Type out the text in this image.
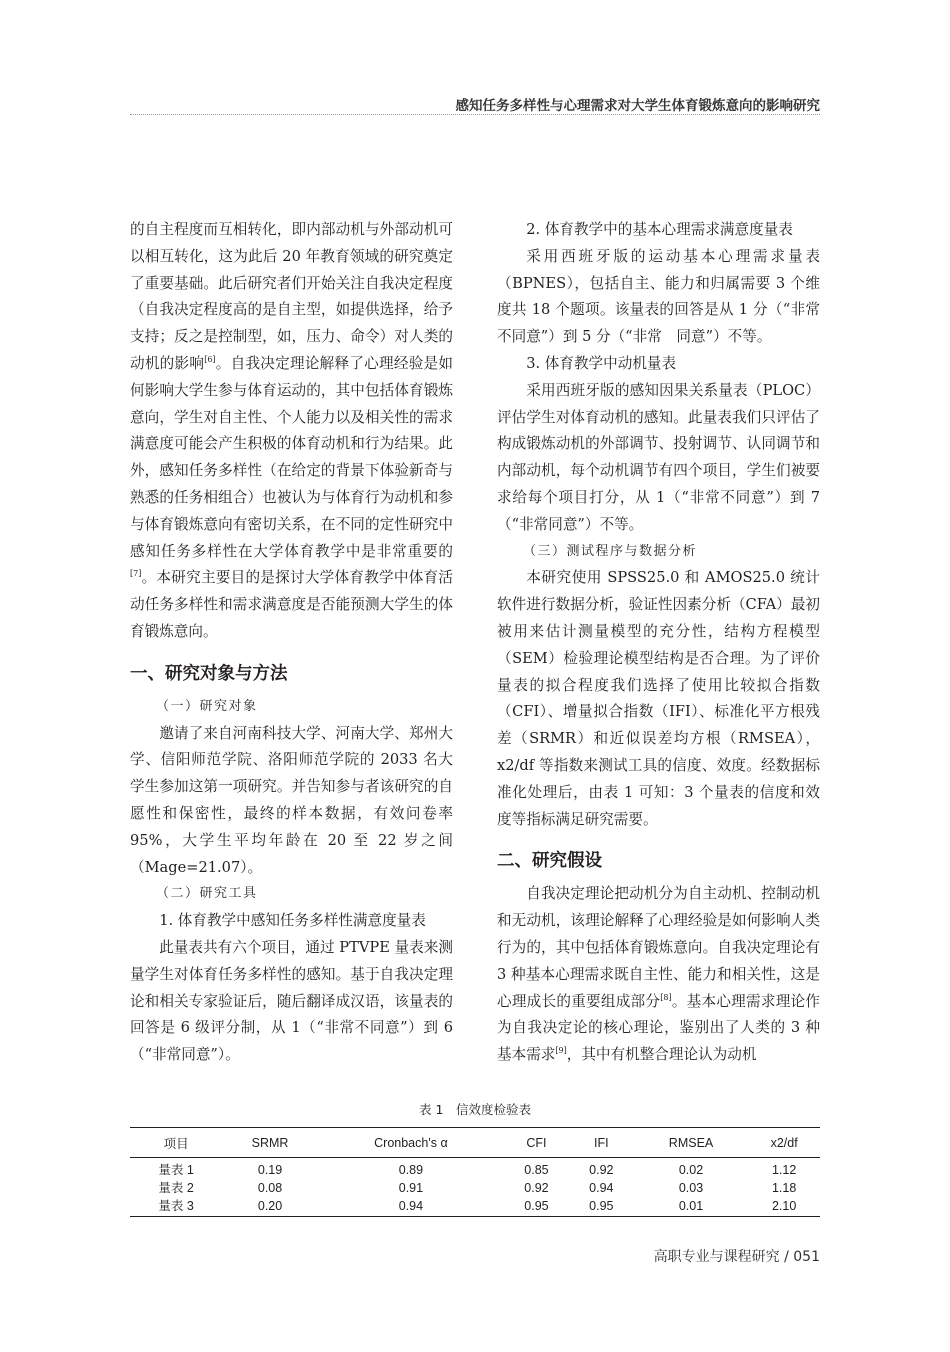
感知任务多样性与心理需求对大学生体育锻炼意向的影响研究

的自主程度而互相转化，即内部动机与外部动机可以相互转化，这为此后 20 年教育领域的研究奠定了重要基础。此后研究者们开始关注自我决定程度（自我决定程度高的是自主型，如提供选择，给予支持；反之是控制型，如，压力、命令）对人类的动机的影响[6]。自我决定理论解释了心理经验是如何影响大学生参与体育运动的，其中包括体育锻炼意向，学生对自主性、个人能力以及相关性的需求满意度可能会产生积极的体育动机和行为结果。此外，感知任务多样性（在给定的背景下体验新奇与熟悉的任务相组合）也被认为与体育行为动机和参与体育锻炼意向有密切关系，在不同的定性研究中感知任务多样性在大学体育教学中是非常重要的[7]。本研究主要目的是探讨大学体育教学中体育活动任务多样性和需求满意度是否能预测大学生的体育锻炼意向。

一、研究对象与方法
（一）研究对象

邀请了来自河南科技大学、河南大学、郑州大学、信阳师范学院、洛阳师范学院的 2033 名大学生参加这第一项研究。并告知参与者该研究的自愿性和保密性，最终的样本数据，有效问卷率 95%，大学生平均年龄在 20 至 22 岁之间（Mage=21.07）。

（二）研究工具
1. 体育教学中感知任务多样性满意度量表

此量表共有六个项目，通过 PTVPE 量表来测量学生对体育任务多样性的感知。基于自我决定理论和相关专家验证后，随后翻译成汉语，该量表的回答是 6 级评分制，从 1（“非常不同意”）到 6（“非常同意”）。

2. 体育教学中的基本心理需求满意度量表

采用西班牙版的运动基本心理需求量表（BPNES），包括自主、能力和归属需要 3 个维度共 18 个题项。该量表的回答是从 1 分（“非常不同意”）到 5 分（“非常　同意”）不等。

3. 体育教学中动机量表

采用西班牙版的感知因果关系量表（PLOC）评估学生对体育动机的感知。此量表我们只评估了构成锻炼动机的外部调节、投射调节、认同调节和内部动机，每个动机调节有四个项目，学生们被要求给每个项目打分，从 1（“非常不同意”）到 7（“非常同意”）不等。

（三）测试程序与数据分析

本研究使用 SPSS25.0 和 AMOS25.0 统计软件进行数据分析，验证性因素分析（CFA）最初被用来估计测量模型的充分性，结构方程模型（SEM）检验理论模型结构是否合理。为了评价量表的拟合程度我们选择了使用比较拟合指数（CFI）、增量拟合指数（IFI）、标准化平方根残差（SRMR）和近似误差均方根（RMSEA），x2/df 等指数来测试工具的信度、效度。经数据标准化处理后，由表 1 可知：3 个量表的信度和效度等指标满足研究需要。

二、研究假设

自我决定理论把动机分为自主动机、控制动机和无动机，该理论解释了心理经验是如何影响人类行为的，其中包括体育锻炼意向。自我决定理论有 3 种基本心理需求既自主性、能力和相关性，这是心理成长的重要组成部分[8]。基本心理需求理论作为自我决定论的核心理论，鉴别出了人类的 3 种基本需求[9]，其中有机整合理论认为动机

表 1　信效度检验表
项目	SRMR	Cronbach's α	CFI	IFI	RMSEA	x2/df
量表 1	0.19	0.89	0.85	0.92	0.02	1.12
量表 2	0.08	0.91	0.92	0.94	0.03	1.18
量表 3	0.20	0.94	0.95	0.95	0.01	2.10
高职专业与课程研究 / 051
